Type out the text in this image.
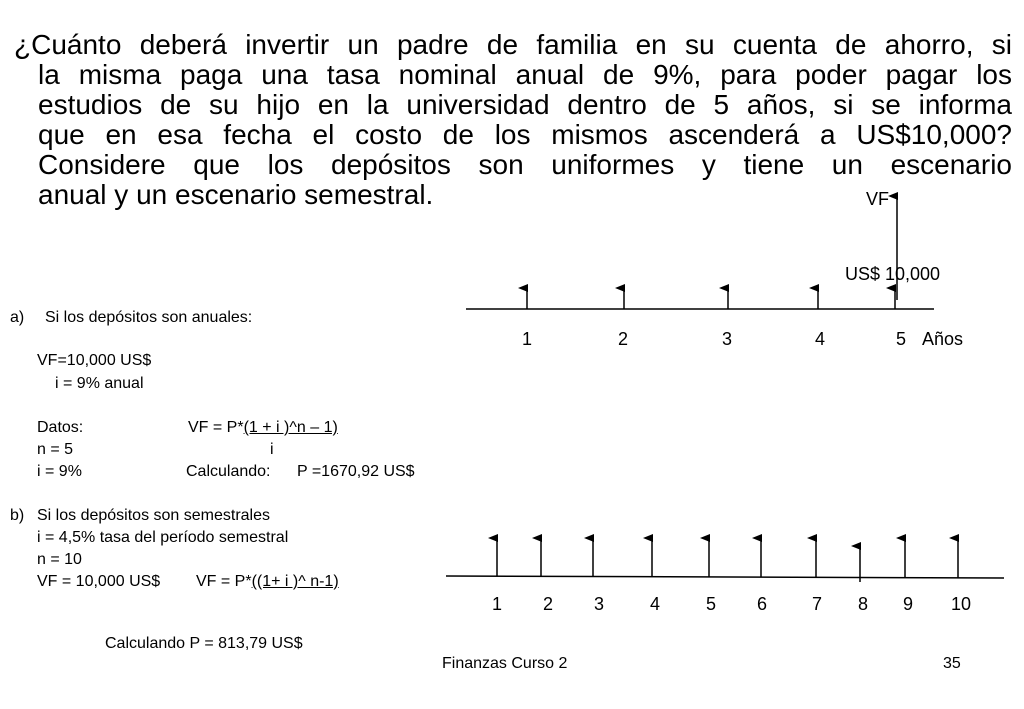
¿Cuánto deberá invertir un padre de familia en su cuenta de ahorro, si
la misma paga una tasa nominal anual de 9%, para poder pagar los
estudios de su hijo en la universidad dentro de 5 años, si se informa
que en esa fecha el costo de los mismos ascenderá a US$10,000?
Considere que los depósitos son uniformes y tiene un escenario
anual y un escenario semestral.	VF
US$ 10,000
1	2	3	4	5 Años
a) Si los depósitos son anuales:
VF=10,000 US$
i = 9% anual
Datos:	VF = P*(1 + i )^n – 1)
i
n = 5
i = 9%	Calculando: P =1670,92 US$
b) Si los depósitos son semestrales
i = 4,5% tasa del período semestral
n = 10
VF = 10,000 US$ VF = P*((1+ i )^ n-1)
Calculando P = 813,79 US$
1 2 3	4	5 6 7 8 9 10
Finanzas Curso 2	35
